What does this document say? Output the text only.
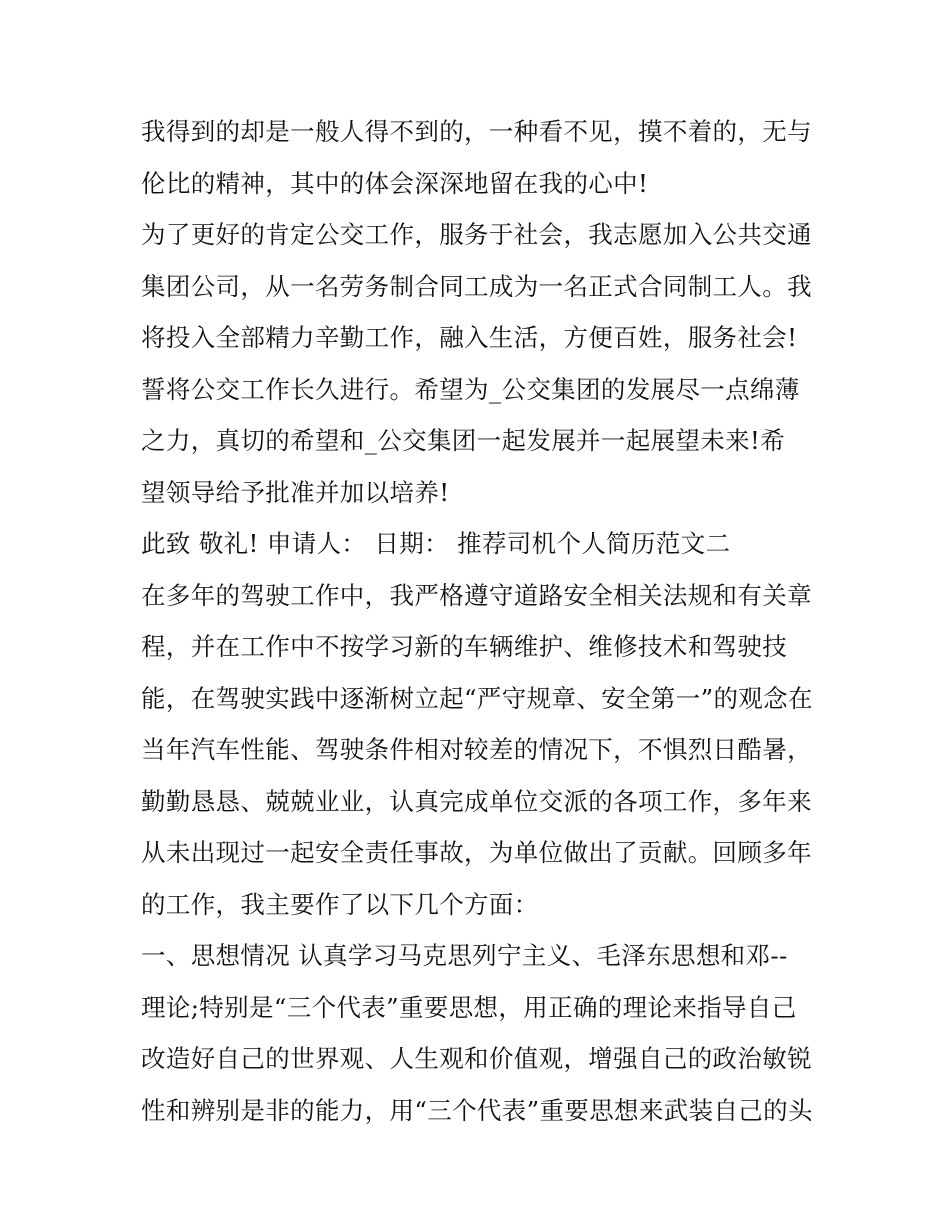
我得到的却是一般人得不到的，一种看不见，摸不着的，无与
伦比的精神，其中的体会深深地留在我的心中!
为了更好的肯定公交工作，服务于社会，我志愿加入公共交通
集团公司，从一名劳务制合同工成为一名正式合同制工人。我
将投入全部精力辛勤工作，融入生活，方便百姓，服务社会!
誓将公交工作长久进行。希望为_公交集团的发展尽一点绵薄
之力，真切的希望和_公交集团一起发展并一起展望未来!希
望领导给予批准并加以培养!
此致 敬礼! 申请人： 日期： 推荐司机个人简历范文二
在多年的驾驶工作中，我严格遵守道路安全相关法规和有关章
程，并在工作中不按学习新的车辆维护、维修技术和驾驶技
能，在驾驶实践中逐渐树立起“严守规章、安全第一”的观念在
当年汽车性能、驾驶条件相对较差的情况下，不惧烈日酷暑，
勤勤恳恳、兢兢业业，认真完成单位交派的各项工作，多年来
从未出现过一起安全责任事故，为单位做出了贡献。回顾多年
的工作，我主要作了以下几个方面：
一、思想情况 认真学习马克思列宁主义、毛泽东思想和邓--
理论;特别是“三个代表”重要思想，用正确的理论来指导自己
改造好自己的世界观、人生观和价值观，增强自己的政治敏锐
性和辨别是非的能力，用“三个代表”重要思想来武装自己的头
